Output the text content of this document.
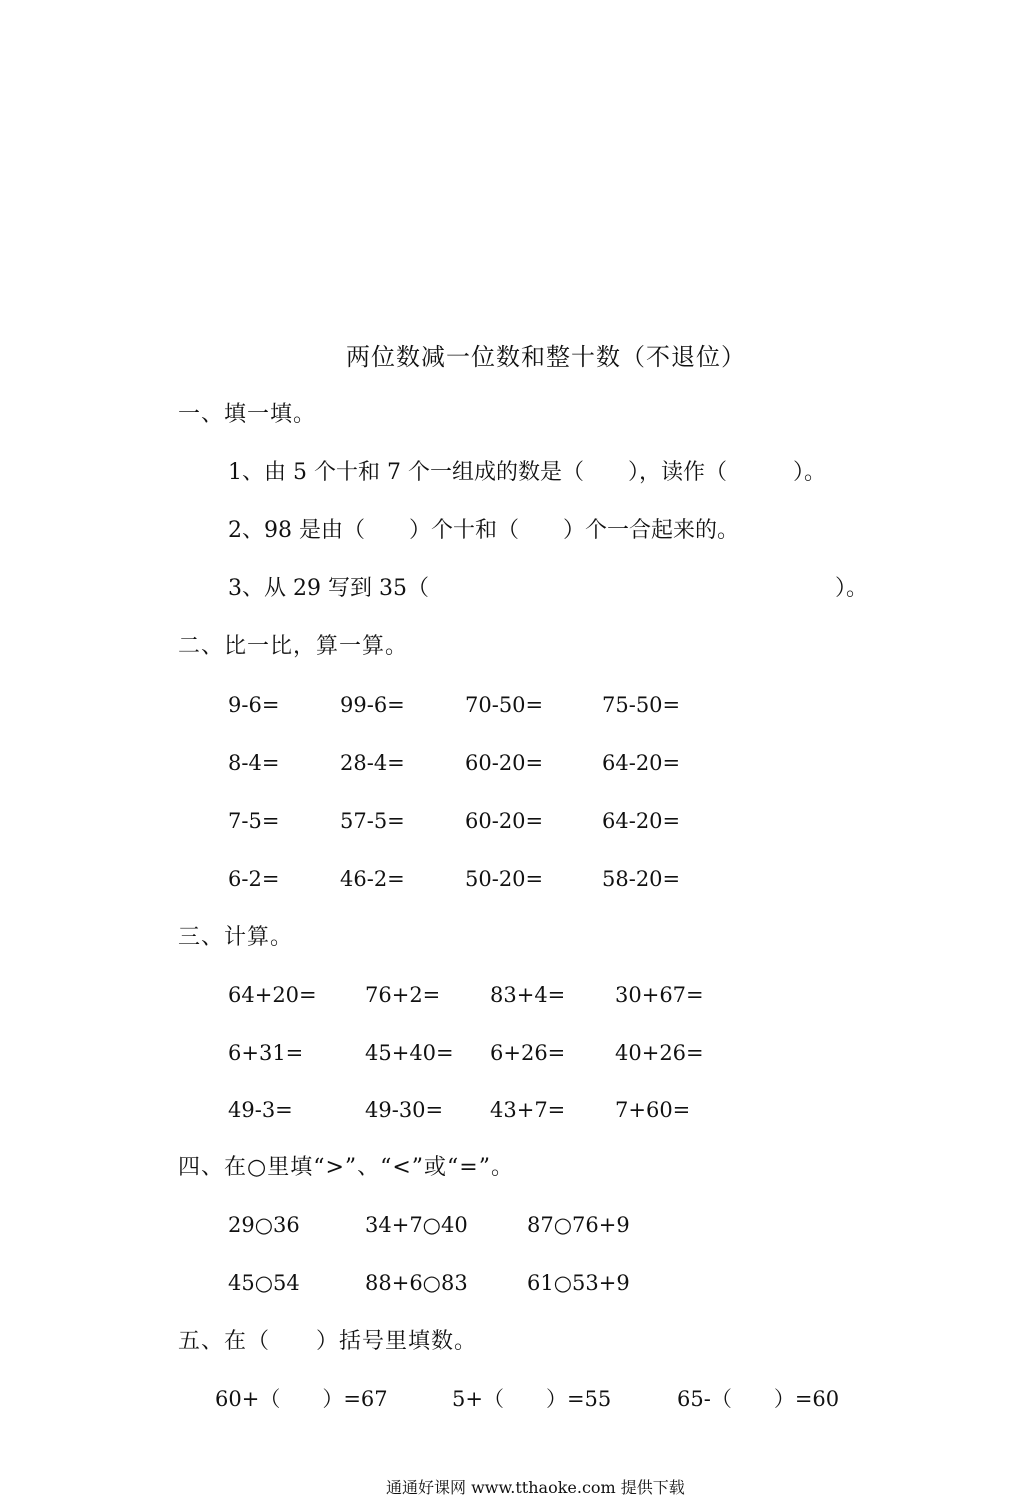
两位数减一位数和整十数（不退位）
一、填一填。
1、由 5 个十和 7 个一组成的数是（　　），读作（　　　）。
2、98 是由（　　）个十和（　　）个一合起来的。
3、从 29 写到 35（	）。
二、比一比，算一算。
9-6=	99-6=	70-50=	75-50=
8-4=	28-4=	60-20=	64-20=
7-5=	57-5=	60-20=	64-20=
6-2=	46-2=	50-20=	58-20=
三、计算。
64+20= 76+2= 83+4= 30+67=
6+31=	45+40= 6+26= 40+26=
49-3=	49-30= 43+7= 7+60=
四、在○里填“>”、“<”或“=”。
29○36	34+7○40	87○76+9
45○54	88+6○83	61○53+9
五、在（　　）括号里填数。
60+（　　）=67	5+（　　）=55	65-（　　）=60
通通好课网 www.tthaoke.com 提供下载
